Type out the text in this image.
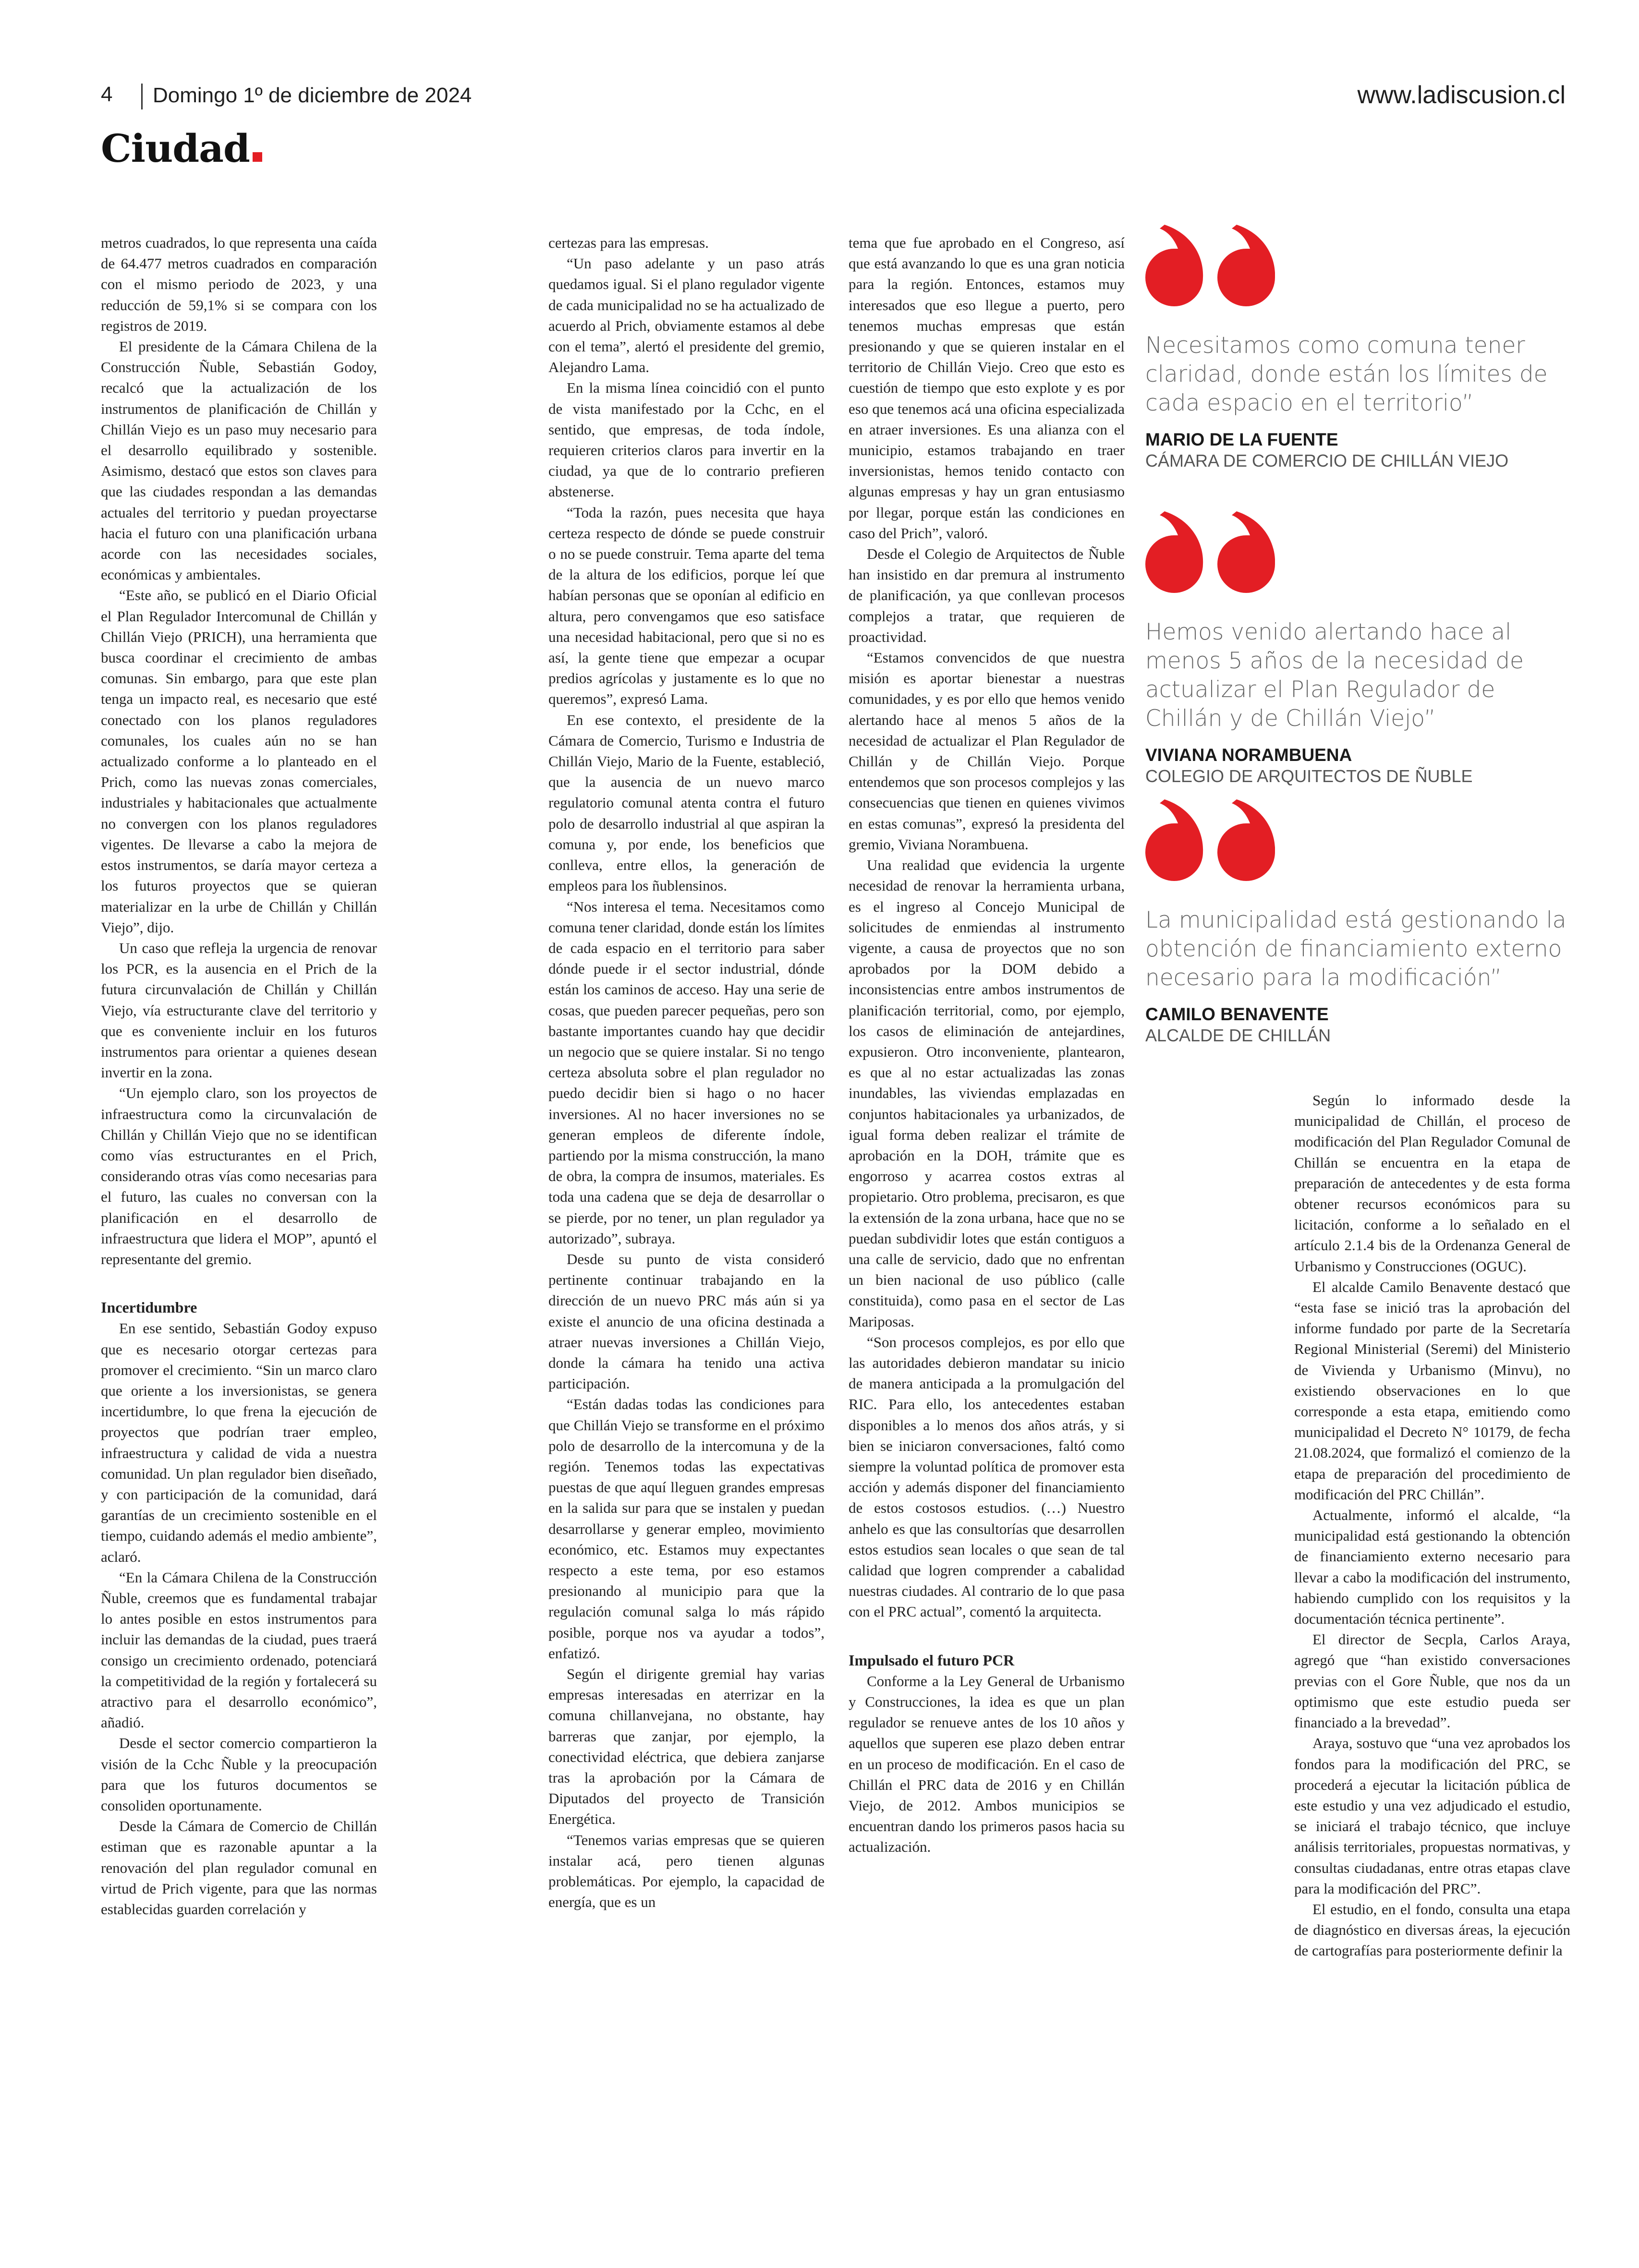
4 Domingo 1º de diciembre de 2024	www.ladiscusion.cl
Ciudad

metros cuadrados, lo que representa una caída de 64.477 metros cuadrados en comparación con el mismo periodo de 2023, y una reducción de 59,1% si se compara con los registros de 2019.

El presidente de la Cámara Chilena de la Construcción Ñuble, Sebastián Godoy, recalcó que la actualización de los instrumentos de planificación de Chillán y Chillán Viejo es un paso muy necesario para el desarrollo equilibrado y sostenible. Asimismo, destacó que estos son claves para que las ciudades respondan a las demandas actuales del territorio y puedan proyectarse hacia el futuro con una planificación urbana acorde con las necesidades sociales, económicas y ambientales.

“Este año, se publicó en el Diario Oficial el Plan Regulador Intercomunal de Chillán y Chillán Viejo (PRICH), una herramienta que busca coordinar el crecimiento de ambas comunas. Sin embargo, para que este plan tenga un impacto real, es necesario que esté conectado con los planos reguladores comunales, los cuales aún no se han actualizado conforme a lo planteado en el Prich, como las nuevas zonas comerciales, industriales y habitacionales que actualmente no convergen con los planos reguladores vigentes. De llevarse a cabo la mejora de estos instrumentos, se daría mayor certeza a los futuros proyectos que se quieran materializar en la urbe de Chillán y Chillán Viejo”, dijo.

Un caso que refleja la urgencia de renovar los PCR, es la ausencia en el Prich de la futura circunvalación de Chillán y Chillán Viejo, vía estructurante clave del territorio y que es conveniente incluir en los futuros instrumentos para orientar a quienes desean invertir en la zona.

“Un ejemplo claro, son los proyectos de infraestructura como la circunvalación de Chillán y Chillán Viejo que no se identifican como vías estructurantes en el Prich, considerando otras vías como necesarias para el futuro, las cuales no conversan con la planificación en el desarrollo de infraestructura que lidera el MOP”, apuntó el representante del gremio.

Incertidumbre

En ese sentido, Sebastián Godoy expuso que es necesario otorgar certezas para promover el crecimiento. “Sin un marco claro que oriente a los inversionistas, se genera incertidumbre, lo que frena la ejecución de proyectos que podrían traer empleo, infraestructura y calidad de vida a nuestra comunidad. Un plan regulador bien diseñado, y con participación de la comunidad, dará garantías de un crecimiento sostenible en el tiempo, cuidando además el medio ambiente”, aclaró.

“En la Cámara Chilena de la Construcción Ñuble, creemos que es fundamental trabajar lo antes posible en estos instrumentos para incluir las demandas de la ciudad, pues traerá consigo un crecimiento ordenado, potenciará la competitividad de la región y fortalecerá su atractivo para el desarrollo económico”, añadió.

Desde el sector comercio compartieron la visión de la Cchc Ñuble y la preocupación para que los futuros documentos se consoliden oportunamente.

Desde la Cámara de Comercio de Chillán estiman que es razonable apuntar a la renovación del plan regulador comunal en virtud de Prich vigente, para que las normas establecidas guarden correlación y

certezas para las empresas.

“Un paso adelante y un paso atrás quedamos igual. Si el plano regulador vigente de cada municipalidad no se ha actualizado de acuerdo al Prich, obviamente estamos al debe con el tema”, alertó el presidente del gremio, Alejandro Lama.

En la misma línea coincidió con el punto de vista manifestado por la Cchc, en el sentido, que empresas, de toda índole, requieren criterios claros para invertir en la ciudad, ya que de lo contrario prefieren abstenerse.

“Toda la razón, pues necesita que haya certeza respecto de dónde se puede construir o no se puede construir. Tema aparte del tema de la altura de los edificios, porque leí que habían personas que se oponían al edificio en altura, pero convengamos que eso satisface una necesidad habitacional, pero que si no es así, la gente tiene que empezar a ocupar predios agrícolas y justamente es lo que no queremos”, expresó Lama.

En ese contexto, el presidente de la Cámara de Comercio, Turismo e Industria de Chillán Viejo, Mario de la Fuente, estableció, que la ausencia de un nuevo marco regulatorio comunal atenta contra el futuro polo de desarrollo industrial al que aspiran la comuna y, por ende, los beneficios que conlleva, entre ellos, la generación de empleos para los ñublensinos.

“Nos interesa el tema. Necesitamos como comuna tener claridad, donde están los límites de cada espacio en el territorio para saber dónde puede ir el sector industrial, dónde están los caminos de acceso. Hay una serie de cosas, que pueden parecer pequeñas, pero son bastante importantes cuando hay que decidir un negocio que se quiere instalar. Si no tengo certeza absoluta sobre el plan regulador no puedo decidir bien si hago o no hacer inversiones. Al no hacer inversiones no se generan empleos de diferente índole, partiendo por la misma construcción, la mano de obra, la compra de insumos, materiales. Es toda una cadena que se deja de desarrollar o se pierde, por no tener, un plan regulador ya autorizado”, subraya.

Desde su punto de vista consideró pertinente continuar trabajando en la dirección de un nuevo PRC más aún si ya existe el anuncio de una oficina destinada a atraer nuevas inversiones a Chillán Viejo, donde la cámara ha tenido una activa participación.

“Están dadas todas las condiciones para que Chillán Viejo se transforme en el próximo polo de desarrollo de la intercomuna y de la región. Tenemos todas las expectativas puestas de que aquí lleguen grandes empresas en la salida sur para que se instalen y puedan desarrollarse y generar empleo, movimiento económico, etc. Estamos muy expectantes respecto a este tema, por eso estamos presionando al municipio para que la regulación comunal salga lo más rápido posible, porque nos va ayudar a todos”, enfatizó.

Según el dirigente gremial hay varias empresas interesadas en aterrizar en la comuna chillanvejana, no obstante, hay barreras que zanjar, por ejemplo, la conectividad eléctrica, que debiera zanjarse tras la aprobación por la Cámara de Diputados del proyecto de Transición Energética.

“Tenemos varias empresas que se quieren instalar acá, pero tienen algunas problemáticas. Por ejemplo, la capacidad de energía, que es un

tema que fue aprobado en el Congreso, así que está avanzando lo que es una gran noticia para la región. Entonces, estamos muy interesados que eso llegue a puerto, pero tenemos muchas empresas que están presionando y que se quieren instalar en el territorio de Chillán Viejo. Creo que esto es cuestión de tiempo que esto explote y es por eso que tenemos acá una oficina especializada en atraer inversiones. Es una alianza con el municipio, estamos trabajando en traer inversionistas, hemos tenido contacto con algunas empresas y hay un gran entusiasmo por llegar, porque están las condiciones en caso del Prich”, valoró.

Desde el Colegio de Arquitectos de Ñuble han insistido en dar premura al instrumento de planificación, ya que conllevan procesos complejos a tratar, que requieren de proactividad.

“Estamos convencidos de que nuestra misión es aportar bienestar a nuestras comunidades, y es por ello que hemos venido alertando hace al menos 5 años de la necesidad de actualizar el Plan Regulador de Chillán y de Chillán Viejo. Porque entendemos que son procesos complejos y las consecuencias que tienen en quienes vivimos en estas comunas”, expresó la presidenta del gremio, Viviana Norambuena.

Una realidad que evidencia la urgente necesidad de renovar la herramienta urbana, es el ingreso al Concejo Municipal de solicitudes de enmiendas al instrumento vigente, a causa de proyectos que no son aprobados por la DOM debido a inconsistencias entre ambos instrumentos de planificación territorial, como, por ejemplo, los casos de eliminación de antejardines, expusieron. Otro inconveniente, plantearon, es que al no estar actualizadas las zonas inundables, las viviendas emplazadas en conjuntos habitacionales ya urbanizados, de igual forma deben realizar el trámite de aprobación en la DOH, trámite que es engorroso y acarrea costos extras al propietario. Otro problema, precisaron, es que la extensión de la zona urbana, hace que no se puedan subdividir lotes que están contiguos a una calle de servicio, dado que no enfrentan un bien nacional de uso público (calle constituida), como pasa en el sector de Las Mariposas.

“Son procesos complejos, es por ello que las autoridades debieron mandatar su inicio de manera anticipada a la promulgación del RIC. Para ello, los antecedentes estaban disponibles a lo menos dos años atrás, y si bien se iniciaron conversaciones, faltó como siempre la voluntad política de promover esta acción y además disponer del financiamiento de estos costosos estudios. (…) Nuestro anhelo es que las consultorías que desarrollen estos estudios sean locales o que sean de tal calidad que logren comprender a cabalidad nuestras ciudades. Al contrario de lo que pasa con el PRC actual”, comentó la arquitecta.

Impulsado el futuro PCR

Conforme a la Ley General de Urbanismo y Construcciones, la idea es que un plan regulador se renueve antes de los 10 años y aquellos que superen ese plazo deben entrar en un proceso de modificación. En el caso de Chillán el PRC data de 2016 y en Chillán Viejo, de 2012. Ambos municipios se encuentran dando los primeros pasos hacia su actualización.

Necesitamos como comuna tener claridad, donde están los límites de cada espacio en el territorio”
MARIO DE LA FUENTE
CÁMARA DE COMERCIO DE CHILLÁN VIEJO
Hemos venido alertando hace al menos 5 años de la necesidad de actualizar el Plan Regulador de Chillán y de Chillán Viejo”
VIVIANA NORAMBUENA
COLEGIO DE ARQUITECTOS DE ÑUBLE
La municipalidad está gestionando la obtención de financiamiento externo necesario para la modificación”
CAMILO BENAVENTE
ALCALDE DE CHILLÁN

Según lo informado desde la municipalidad de Chillán, el proceso de modificación del Plan Regulador Comunal de Chillán se encuentra en la etapa de preparación de antecedentes y de esta forma obtener recursos económicos para su licitación, conforme a lo señalado en el artículo 2.1.4 bis de la Ordenanza General de Urbanismo y Construcciones (OGUC).

El alcalde Camilo Benavente destacó que “esta fase se inició tras la aprobación del informe fundado por parte de la Secretaría Regional Ministerial (Seremi) del Ministerio de Vivienda y Urbanismo (Minvu), no existiendo observaciones en lo que corresponde a esta etapa, emitiendo como municipalidad el Decreto N° 10179, de fecha 21.08.2024, que formalizó el comienzo de la etapa de preparación del procedimiento de modificación del PRC Chillán”.

Actualmente, informó el alcalde, “la municipalidad está gestionando la obtención de financiamiento externo necesario para llevar a cabo la modificación del instrumento, habiendo cumplido con los requisitos y la documentación técnica pertinente”.

El director de Secpla, Carlos Araya, agregó que “han existido conversaciones previas con el Gore Ñuble, que nos da un optimismo que este estudio pueda ser financiado a la brevedad”.

Araya, sostuvo que “una vez aprobados los fondos para la modificación del PRC, se procederá a ejecutar la licitación pública de este estudio y una vez adjudicado el estudio, se iniciará el trabajo técnico, que incluye análisis territoriales, propuestas normativas, y consultas ciudadanas, entre otras etapas clave para la modificación del PRC”.

El estudio, en el fondo, consulta una etapa de diagnóstico en diversas áreas, la ejecución de cartografías para posteriormente definir la
